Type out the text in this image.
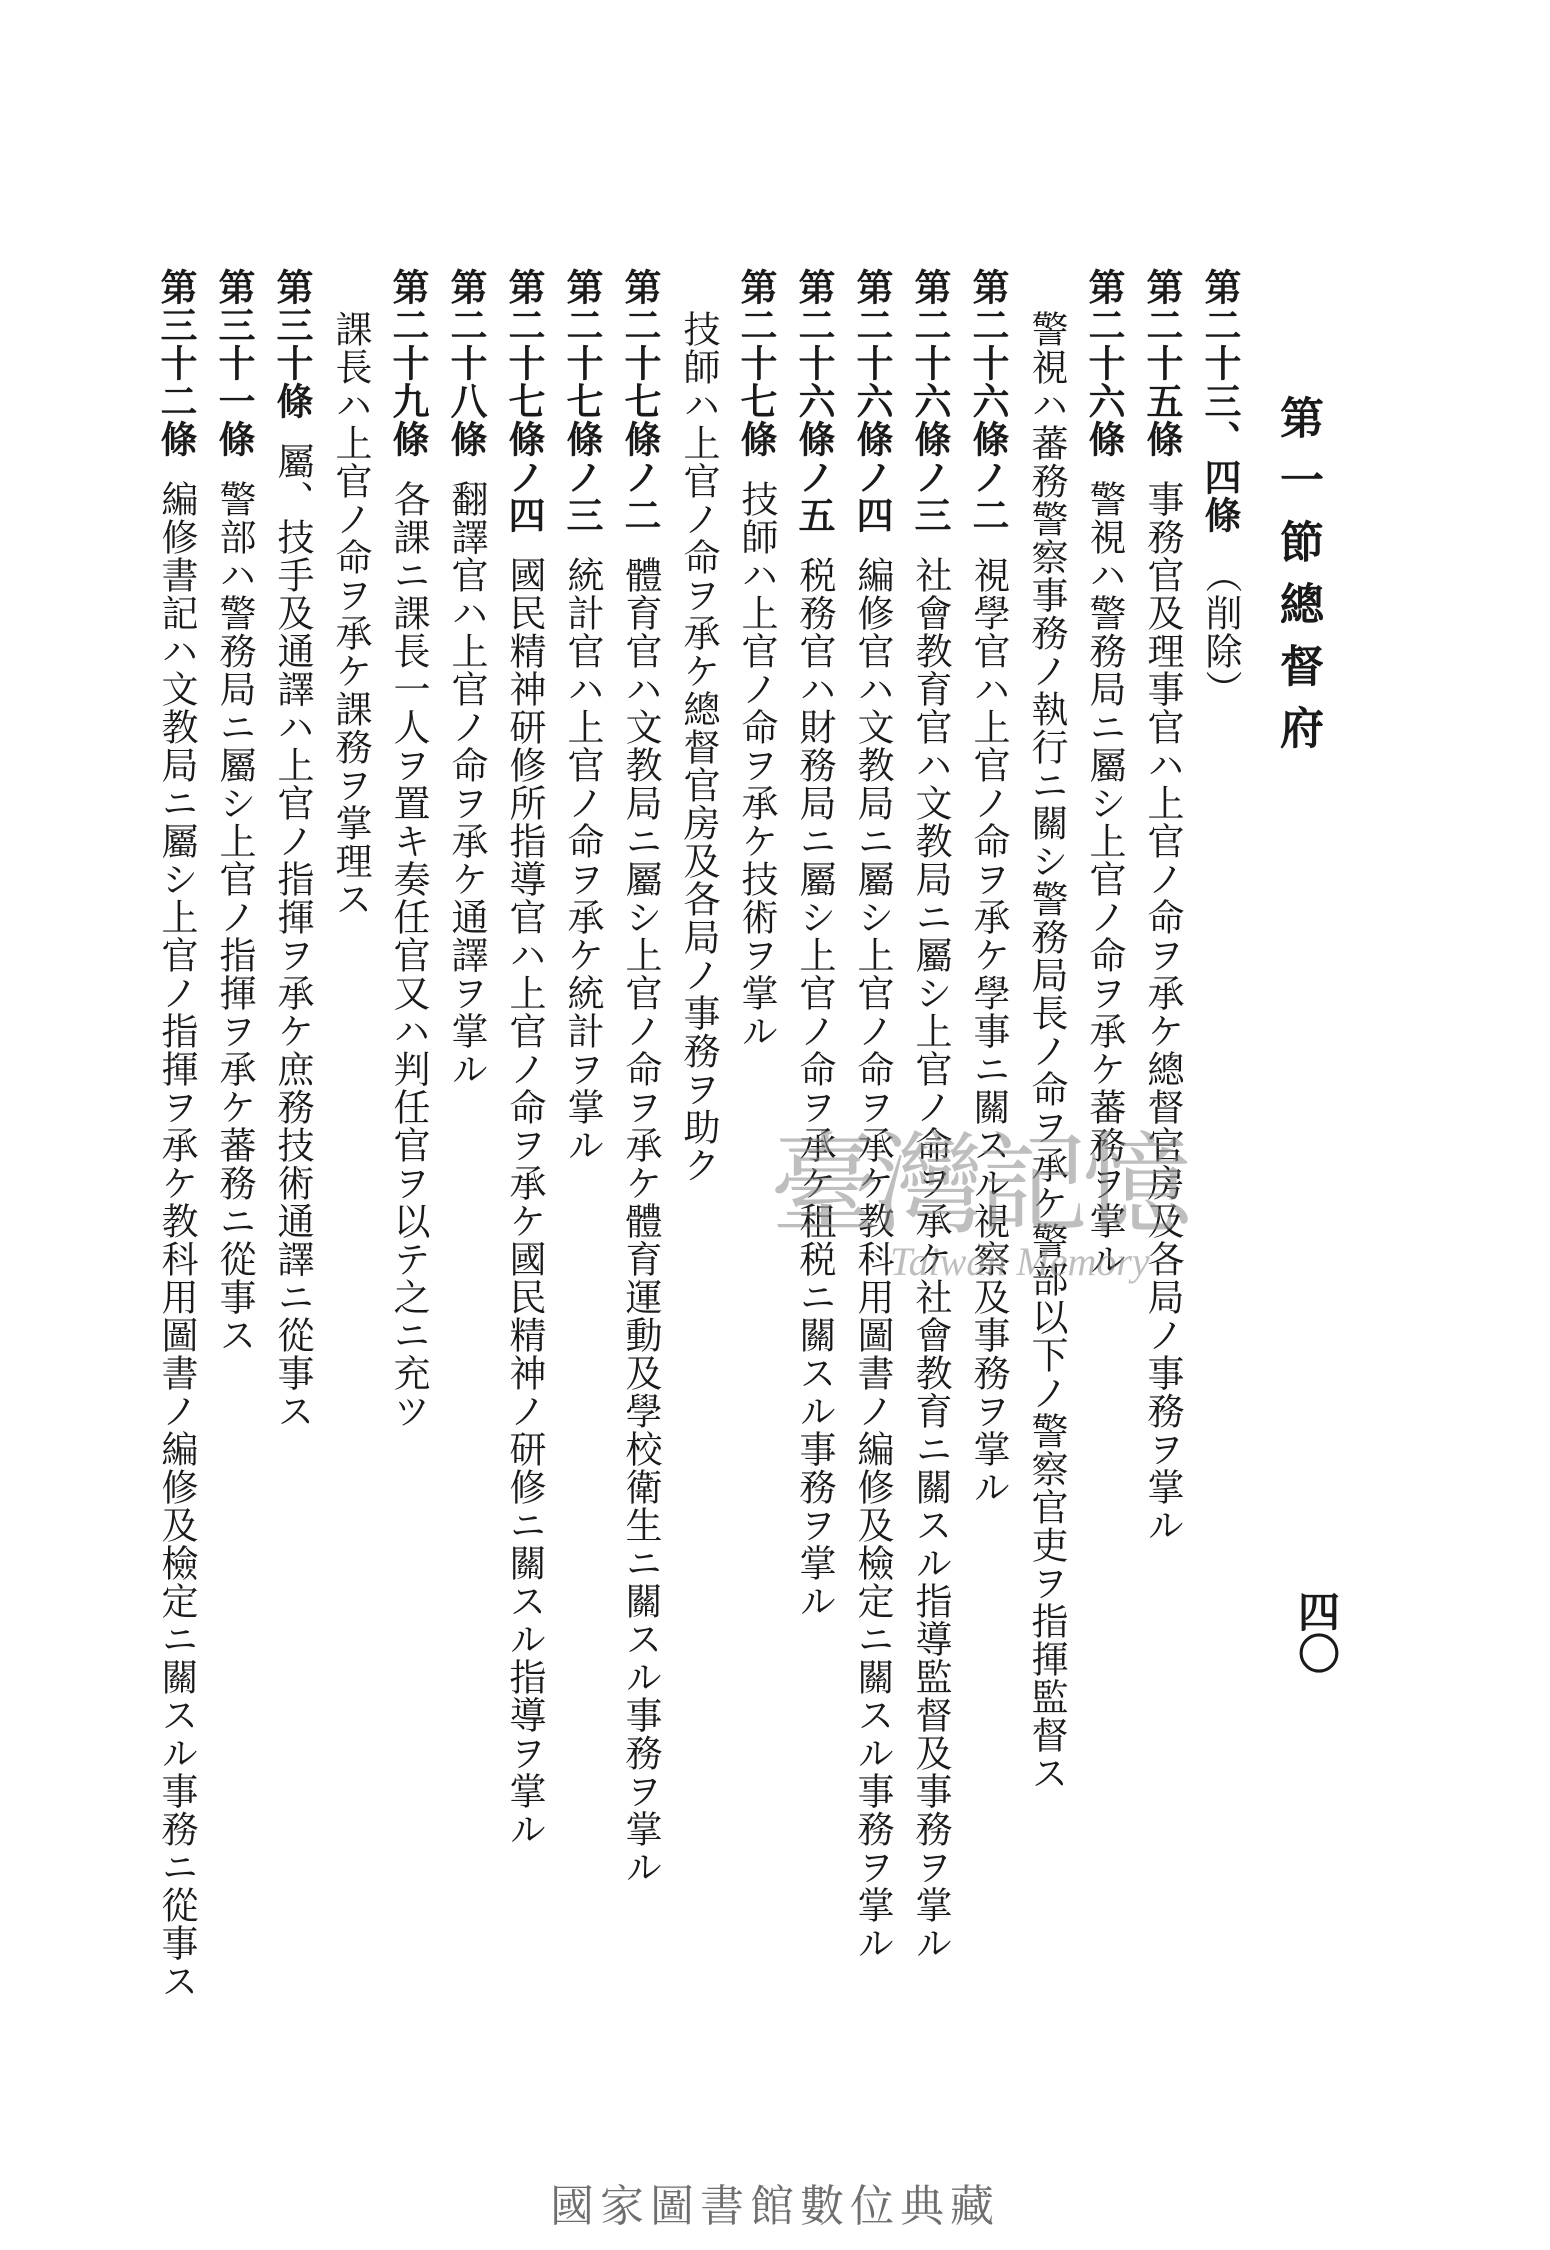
第一節總督府
四〇
第二十三、四條（削除）
第二十五條事務官及理事官ハ上官ノ命ヲ承ケ總督官房及各局ノ事務ヲ掌ル
第二十六條警視ハ警務局ニ屬シ上官ノ命ヲ承ケ蕃務ヲ掌ル
警視ハ蕃務警察事務ノ執行ニ關シ警務局長ノ命ヲ承ケ警部以下ノ警察官吏ヲ指揮監督ス
第二十六條ノ二視學官ハ上官ノ命ヲ承ケ學事ニ關スル視察及事務ヲ掌ル
第二十六條ノ三社會教育官ハ文教局ニ屬シ上官ノ命ヲ承ケ社會教育ニ關スル指導監督及事務ヲ掌ル
第二十六條ノ四編修官ハ文教局ニ屬シ上官ノ命ヲ承ケ教科用圖書ノ編修及檢定ニ關スル事務ヲ掌ル
第二十六條ノ五税務官ハ財務局ニ屬シ上官ノ命ヲ承ケ租税ニ關スル事務ヲ掌ル
第二十七條技師ハ上官ノ命ヲ承ケ技術ヲ掌ル
技師ハ上官ノ命ヲ承ケ總督官房及各局ノ事務ヲ助ク
第二十七條ノ二體育官ハ文教局ニ屬シ上官ノ命ヲ承ケ體育運動及學校衛生ニ關スル事務ヲ掌ル
第二十七條ノ三統計官ハ上官ノ命ヲ承ケ統計ヲ掌ル
第二十七條ノ四國民精神研修所指導官ハ上官ノ命ヲ承ケ國民精神ノ研修ニ關スル指導ヲ掌ル
第二十八條翻譯官ハ上官ノ命ヲ承ケ通譯ヲ掌ル
第二十九條各課ニ課長一人ヲ置キ奏任官又ハ判任官ヲ以テ之ニ充ツ
課長ハ上官ノ命ヲ承ケ課務ヲ掌理ス
第三十條屬、技手及通譯ハ上官ノ指揮ヲ承ケ庶務技術通譯ニ從事ス
第三十一條警部ハ警務局ニ屬シ上官ノ指揮ヲ承ケ蕃務ニ從事ス
第三十二條編修書記ハ文教局ニ屬シ上官ノ指揮ヲ承ケ教科用圖書ノ編修及檢定ニ關スル事務ニ從事ス	臺灣記憶
Taiwan Memory
國家圖書館數位典藏
